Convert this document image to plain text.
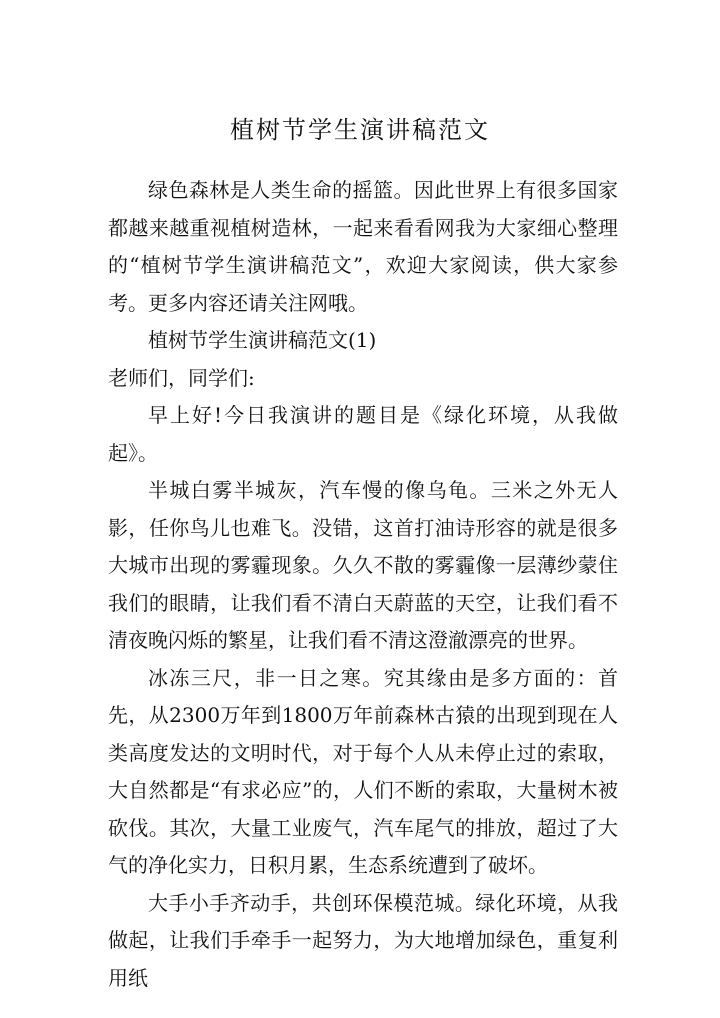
植树节学生演讲稿范文

绿色森林是人类生命的摇篮。因此世界上有很多国家都越来越重视植树造林，一起来看看网我为大家细心整理的“植树节学生演讲稿范文”，欢迎大家阅读，供大家参考。更多内容还请关注网哦。

植树节学生演讲稿范文(1)

老师们，同学们:

早上好!今日我演讲的题目是《绿化环境，从我做起》。

半城白雾半城灰，汽车慢的像乌龟。三米之外无人影，任你鸟儿也难飞。没错，这首打油诗形容的就是很多大城市出现的雾霾现象。久久不散的雾霾像一层薄纱蒙住我们的眼睛，让我们看不清白天蔚蓝的天空，让我们看不清夜晚闪烁的繁星，让我们看不清这澄澈漂亮的世界。

冰冻三尺，非一日之寒。究其缘由是多方面的：首先，从2300万年到1800万年前森林古猿的出现到现在人类高度发达的文明时代，对于每个人从未停止过的索取，大自然都是“有求必应”的，人们不断的索取，大量树木被砍伐。其次，大量工业废气，汽车尾气的排放，超过了大气的净化实力，日积月累，生态系统遭到了破坏。

大手小手齐动手，共创环保模范城。绿化环境，从我做起，让我们手牵手一起努力，为大地增加绿色，重复利用纸
